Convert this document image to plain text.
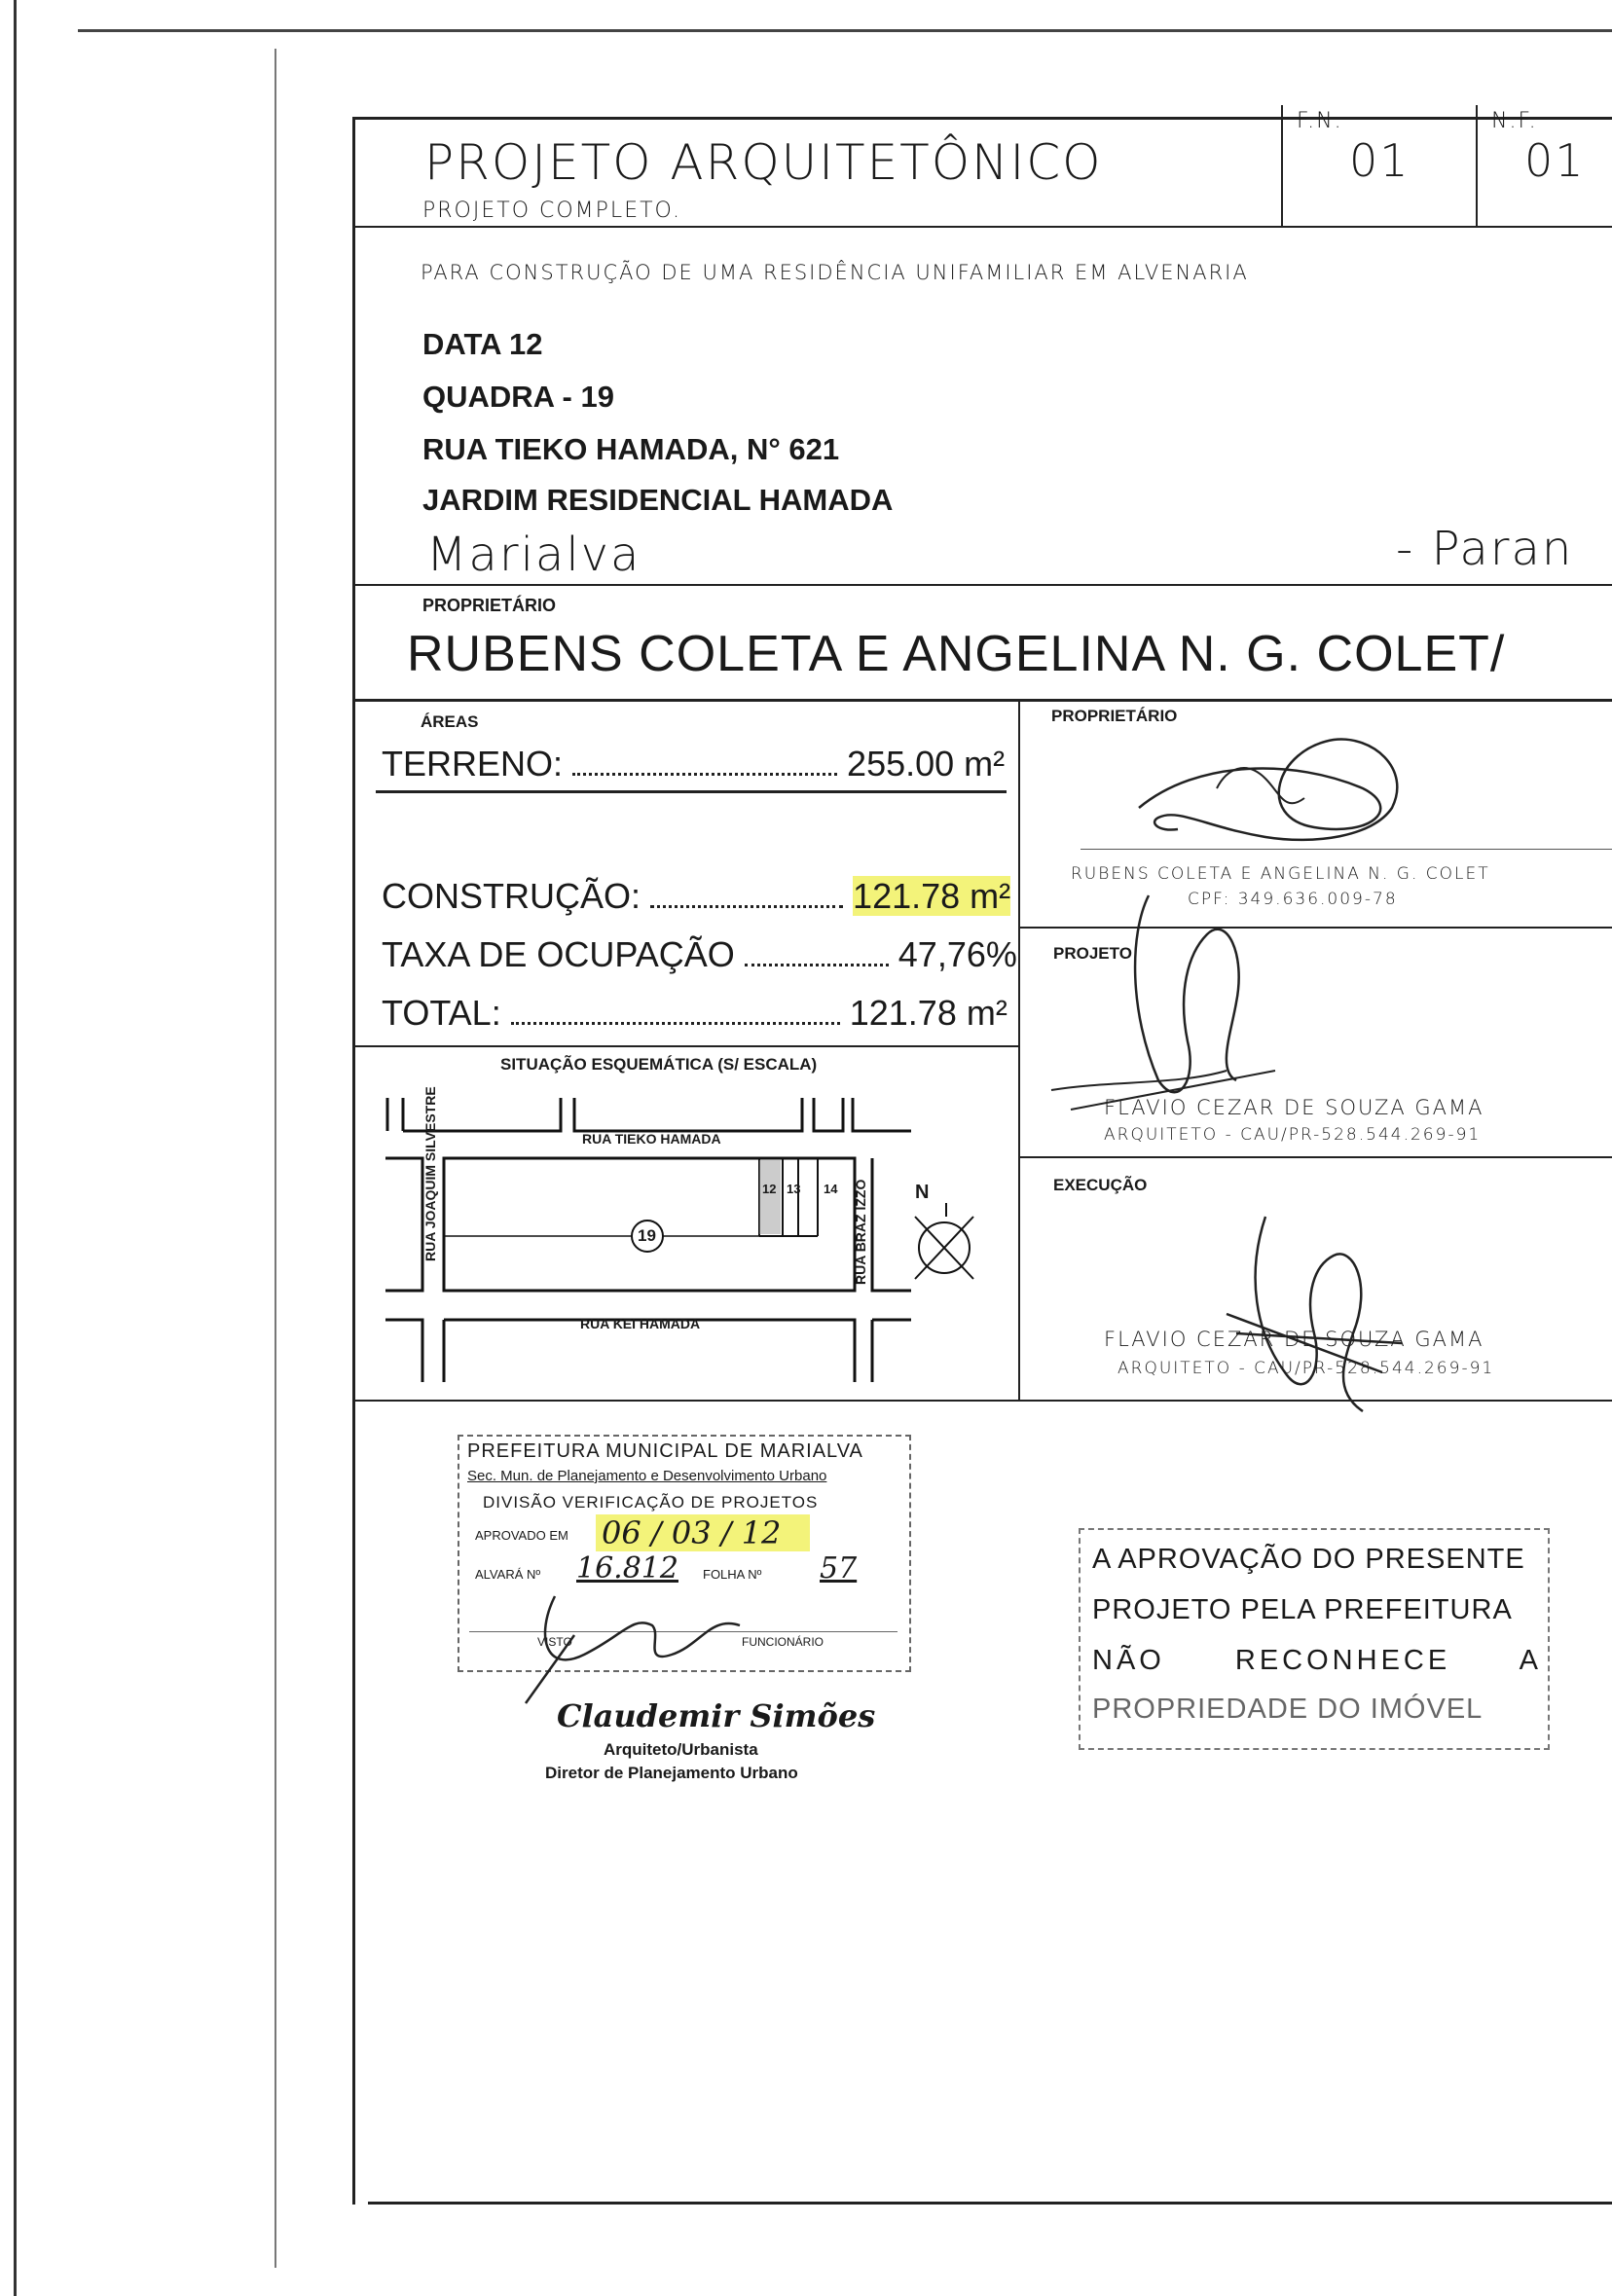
PROJETO ARQUITETÔNICO
PROJETO COMPLETO.
F.N.
01
N.F.
01
PARA CONSTRUÇÃO DE UMA RESIDÊNCIA UNIFAMILIAR EM ALVENARIA
DATA 12
QUADRA - 19
RUA TIEKO HAMADA, N° 621
JARDIM RESIDENCIAL HAMADA
Marialva	- Paran
PROPRIETÁRIO
RUBENS COLETA E ANGELINA N. G. COLET/
ÁREAS
TERRENO:	255.00 m²
CONSTRUÇÃO:	121.78 m²
TAXA DE OCUPAÇÃO	47,76%
TOTAL:	121.78 m²
SITUAÇÃO ESQUEMÁTICA (S/ ESCALA)
RUA TIEKO HAMADA
RUA KEI HAMADA
RUA JOAQUIM SILVESTRE	RUA BRAZ IZZO
19
12 13 14	N
PROPRIETÁRIO
RUBENS COLETA E ANGELINA N. G. COLET
CPF: 349.636.009-78
PROJETO
FLAVIO CEZAR DE SOUZA GAMA
ARQUITETO - CAU/PR-528.544.269-91
EXECUÇÃO
FLAVIO CEZAR DE SOUZA GAMA
ARQUITETO - CAU/PR-528.544.269-91
PREFEITURA MUNICIPAL DE MARIALVA
Sec. Mun. de Planejamento e Desenvolvimento Urbano
DIVISÃO VERIFICAÇÃO DE PROJETOS
APROVADO EM 06 / 03 / 12
ALVARÁ Nº 16.812 FOLHA Nº 57
VISTO	FUNCIONÁRIO
Claudemir Simões
Arquiteto/Urbanista
Diretor de Planejamento Urbano
A APROVAÇÃO DO PRESENTE
PROJETO PELA PREFEITURA
NÃO RECONHECE A
PROPRIEDADE DO IMÓVEL
